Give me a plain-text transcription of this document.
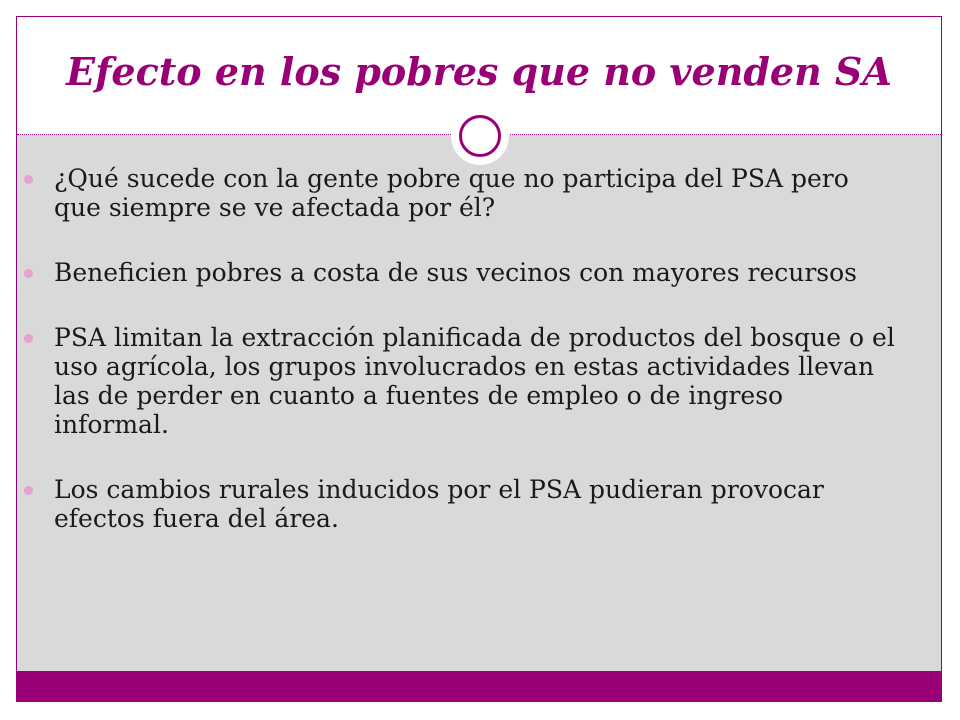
Efecto en los pobres que no venden SA
¿Qué sucede con la gente pobre que no participa del PSA pero que siempre se ve afectada por él?
Beneficien pobres a costa de sus vecinos con mayores recursos
PSA limitan la extracción planificada de productos del bosque o el uso agrícola, los grupos involucrados en estas actividades llevan las de perder en cuanto a fuentes de empleo o de ingreso informal.
Los cambios rurales inducidos por el PSA pudieran provocar efectos fuera del área.
